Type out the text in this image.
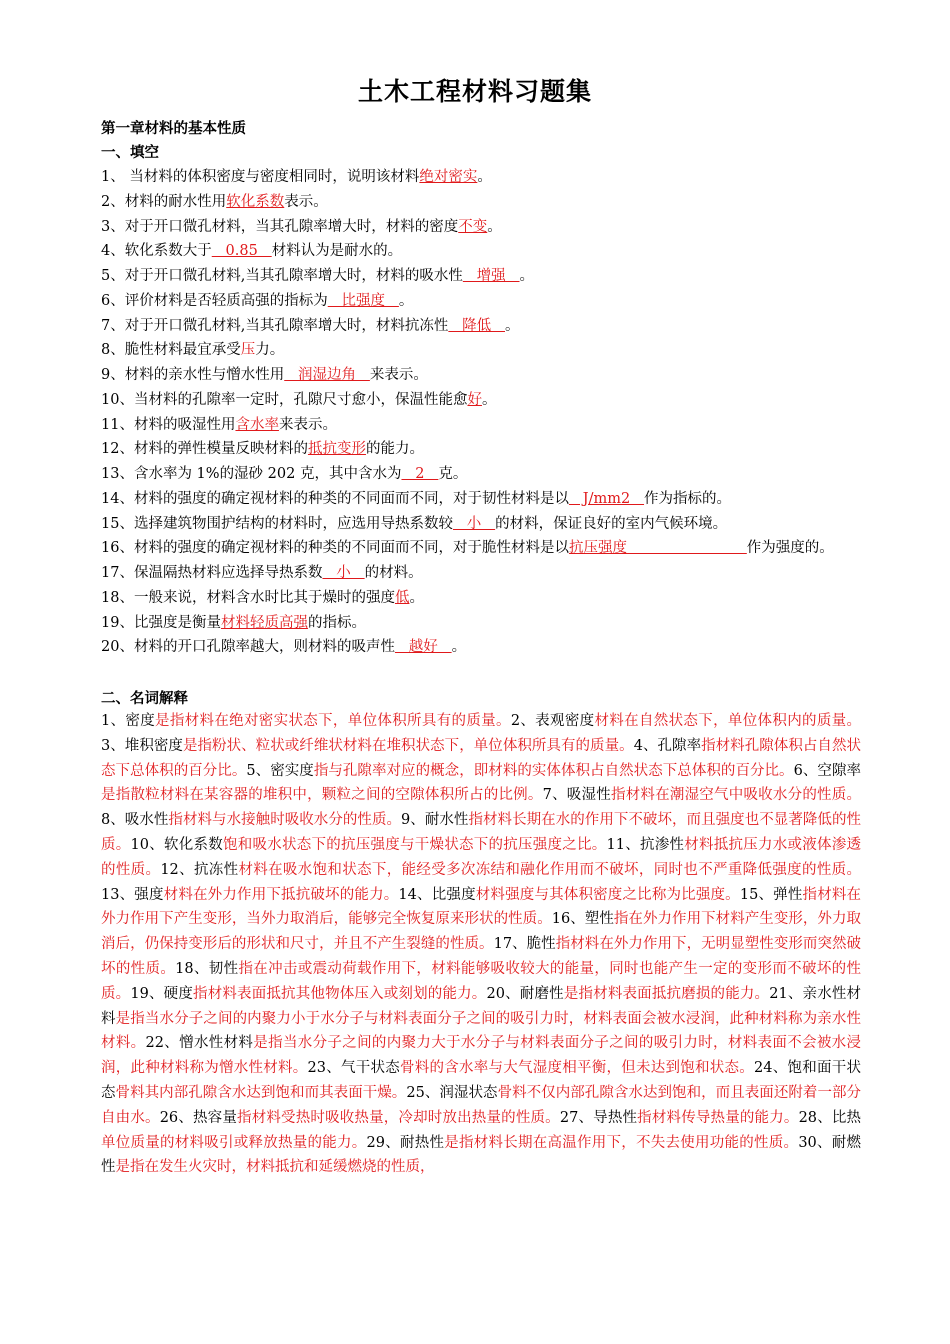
土木工程材料习题集
第一章材料的基本性质
一、填空
1、 当材料的体积密度与密度相同时，说明该材料绝对密实。
2、材料的耐水性用软化系数表示。
3、对于开口微孔材料，当其孔隙率增大时，材料的密度不变。
4、软化系数大于   0.85   材料认为是耐水的。
5、对于开口微孔材料,当其孔隙率增大时，材料的吸水性   增强   。
6、评价材料是否轻质高强的指标为   比强度   。
7、对于开口微孔材料,当其孔隙率增大时，材料抗冻性   降低   。
8、脆性材料最宜承受压力。
9、材料的亲水性与憎水性用   润湿边角   来表示。
10、当材料的孔隙率一定时，孔隙尺寸愈小，保温性能愈好。
11、材料的吸湿性用含水率来表示。
12、材料的弹性模量反映材料的抵抗变形的能力。
13、含水率为 1%的湿砂 202 克，其中含水为   2   克。
14、材料的强度的确定视材料的种类的不同面而不同，对于韧性材料是以   J/mm2   作为指标的。
15、选择建筑物围护结构的材料时，应选用导热系数较   小   的材料，保证良好的室内气候环境。
16、材料的强度的确定视材料的种类的不同面而不同，对于脆性材料是以抗压强度                          作为强度的。
17、保温隔热材料应选择导热系数   小   的材料。
18、一般来说，材料含水时比其于燥时的强度低。
19、比强度是衡量材料轻质高强的指标。
20、材料的开口孔隙率越大，则材料的吸声性   越好   。
二、名词解释
1、密度是指材料在绝对密实状态下，单位体积所具有的质量。2、表观密度材料在自然状态下，单位体积内的质量。3、堆积密度是指粉状、粒状或纤维状材料在堆积状态下，单位体积所具有的质量。4、孔隙率指材料孔隙体积占自然状态下总体积的百分比。5、密实度指与孔隙率对应的概念，即材料的实体体积占自然状态下总体积的百分比。6、空隙率是指散粒材料在某容器的堆积中，颗粒之间的空隙体积所占的比例。7、吸湿性指材料在潮湿空气中吸收水分的性质。8、吸水性指材料与水接触时吸收水分的性质。9、耐水性指材料长期在水的作用下不破坏，而且强度也不显著降低的性质。10、软化系数饱和吸水状态下的抗压强度与干燥状态下的抗压强度之比。11、抗渗性材料抵抗压力水或液体渗透的性质。12、抗冻性材料在吸水饱和状态下，能经受多次冻结和融化作用而不破坏，同时也不严重降低强度的性质。13、强度材料在外力作用下抵抗破坏的能力。14、比强度材料强度与其体积密度之比称为比强度。15、弹性指材料在外力作用下产生变形，当外力取消后，能够完全恢复原来形状的性质。16、塑性指在外力作用下材料产生变形，外力取消后，仍保持变形后的形状和尺寸，并且不产生裂缝的性质。17、脆性指材料在外力作用下，无明显塑性变形而突然破坏的性质。18、韧性指在冲击或震动荷载作用下，材料能够吸收较大的能量，同时也能产生一定的变形而不破坏的性质。19、硬度指材料表面抵抗其他物体压入或刻划的能力。20、耐磨性是指材料表面抵抗磨损的能力。21、亲水性材料是指当水分子之间的内聚力小于水分子与材料表面分子之间的吸引力时，材料表面会被水浸润，此种材料称为亲水性材料。22、憎水性材料是指当水分子之间的内聚力大于水分子与材料表面分子之间的吸引力时，材料表面不会被水浸润，此种材料称为憎水性材料。23、气干状态骨料的含水率与大气湿度相平衡，但未达到饱和状态。24、饱和面干状态骨料其内部孔隙含水达到饱和而其表面干燥。25、润湿状态骨料不仅内部孔隙含水达到饱和，而且表面还附着一部分自由水。26、热容量指材料受热时吸收热量，冷却时放出热量的性质。27、导热性指材料传导热量的能力。28、比热单位质量的材料吸引或释放热量的能力。29、耐热性是指材料长期在高温作用下，不失去使用功能的性质。30、耐燃性是指在发生火灾时，材料抵抗和延缓燃烧的性质，
